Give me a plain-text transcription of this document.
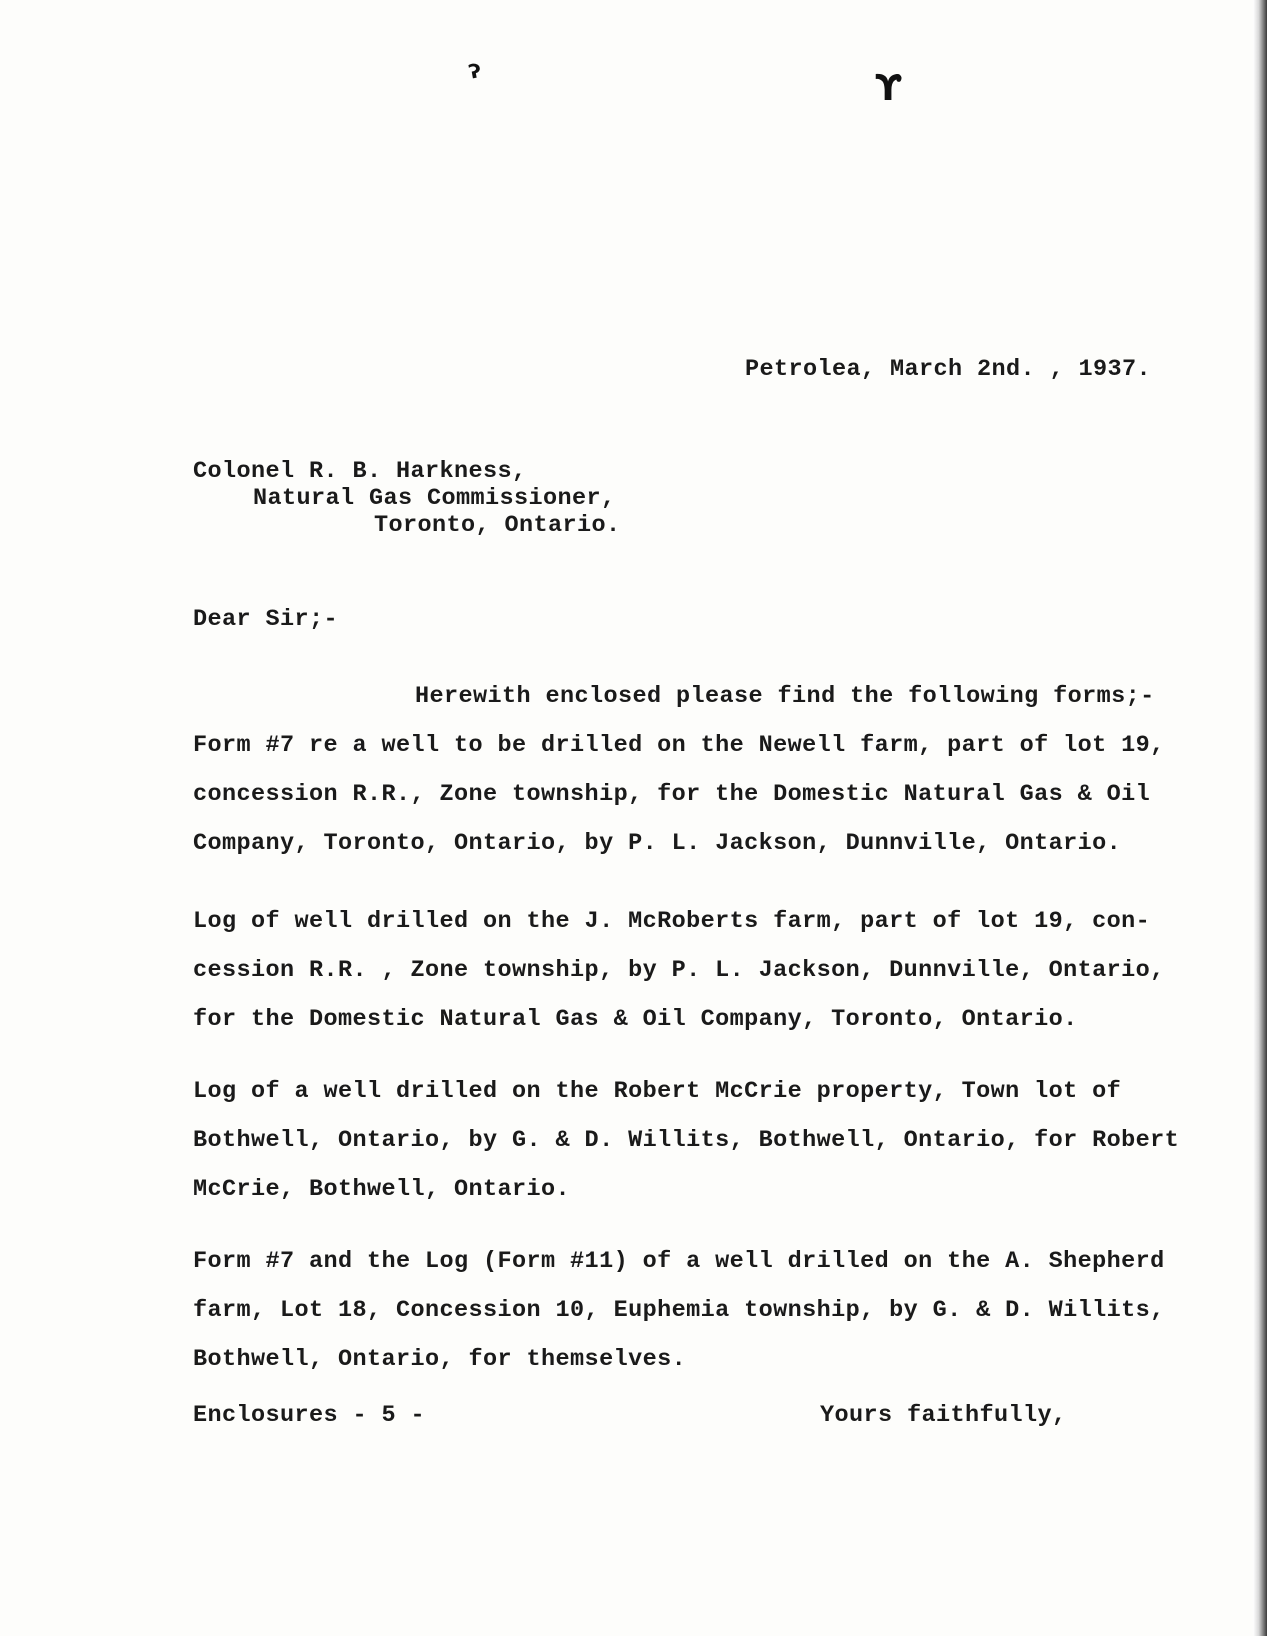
ˀ	ϒ
Petrolea, March 2nd. , 1937.
Colonel R. B. Harkness,
Natural Gas Commissioner,
Toronto, Ontario.
Dear Sir;-
Herewith enclosed please find the following forms;-
Form #7 re a well to be drilled on the Newell farm, part of lot 19,
concession R.R., Zone township, for the Domestic Natural Gas & Oil
Company, Toronto, Ontario, by P. L. Jackson, Dunnville, Ontario.
Log of well drilled on the J. McRoberts farm, part of lot 19, con-
cession R.R. , Zone township, by P. L. Jackson, Dunnville, Ontario,
for the Domestic Natural Gas & Oil Company, Toronto, Ontario.
Log of a well drilled on the Robert McCrie property, Town lot of
Bothwell, Ontario, by G. & D. Willits, Bothwell, Ontario, for Robert
McCrie, Bothwell, Ontario.
Form #7 and the Log (Form #11) of a well drilled on the A. Shepherd
farm, Lot 18, Concession 10, Euphemia township, by G. & D. Willits,
Bothwell, Ontario, for themselves.
Enclosures - 5 -	Yours faithfully,
